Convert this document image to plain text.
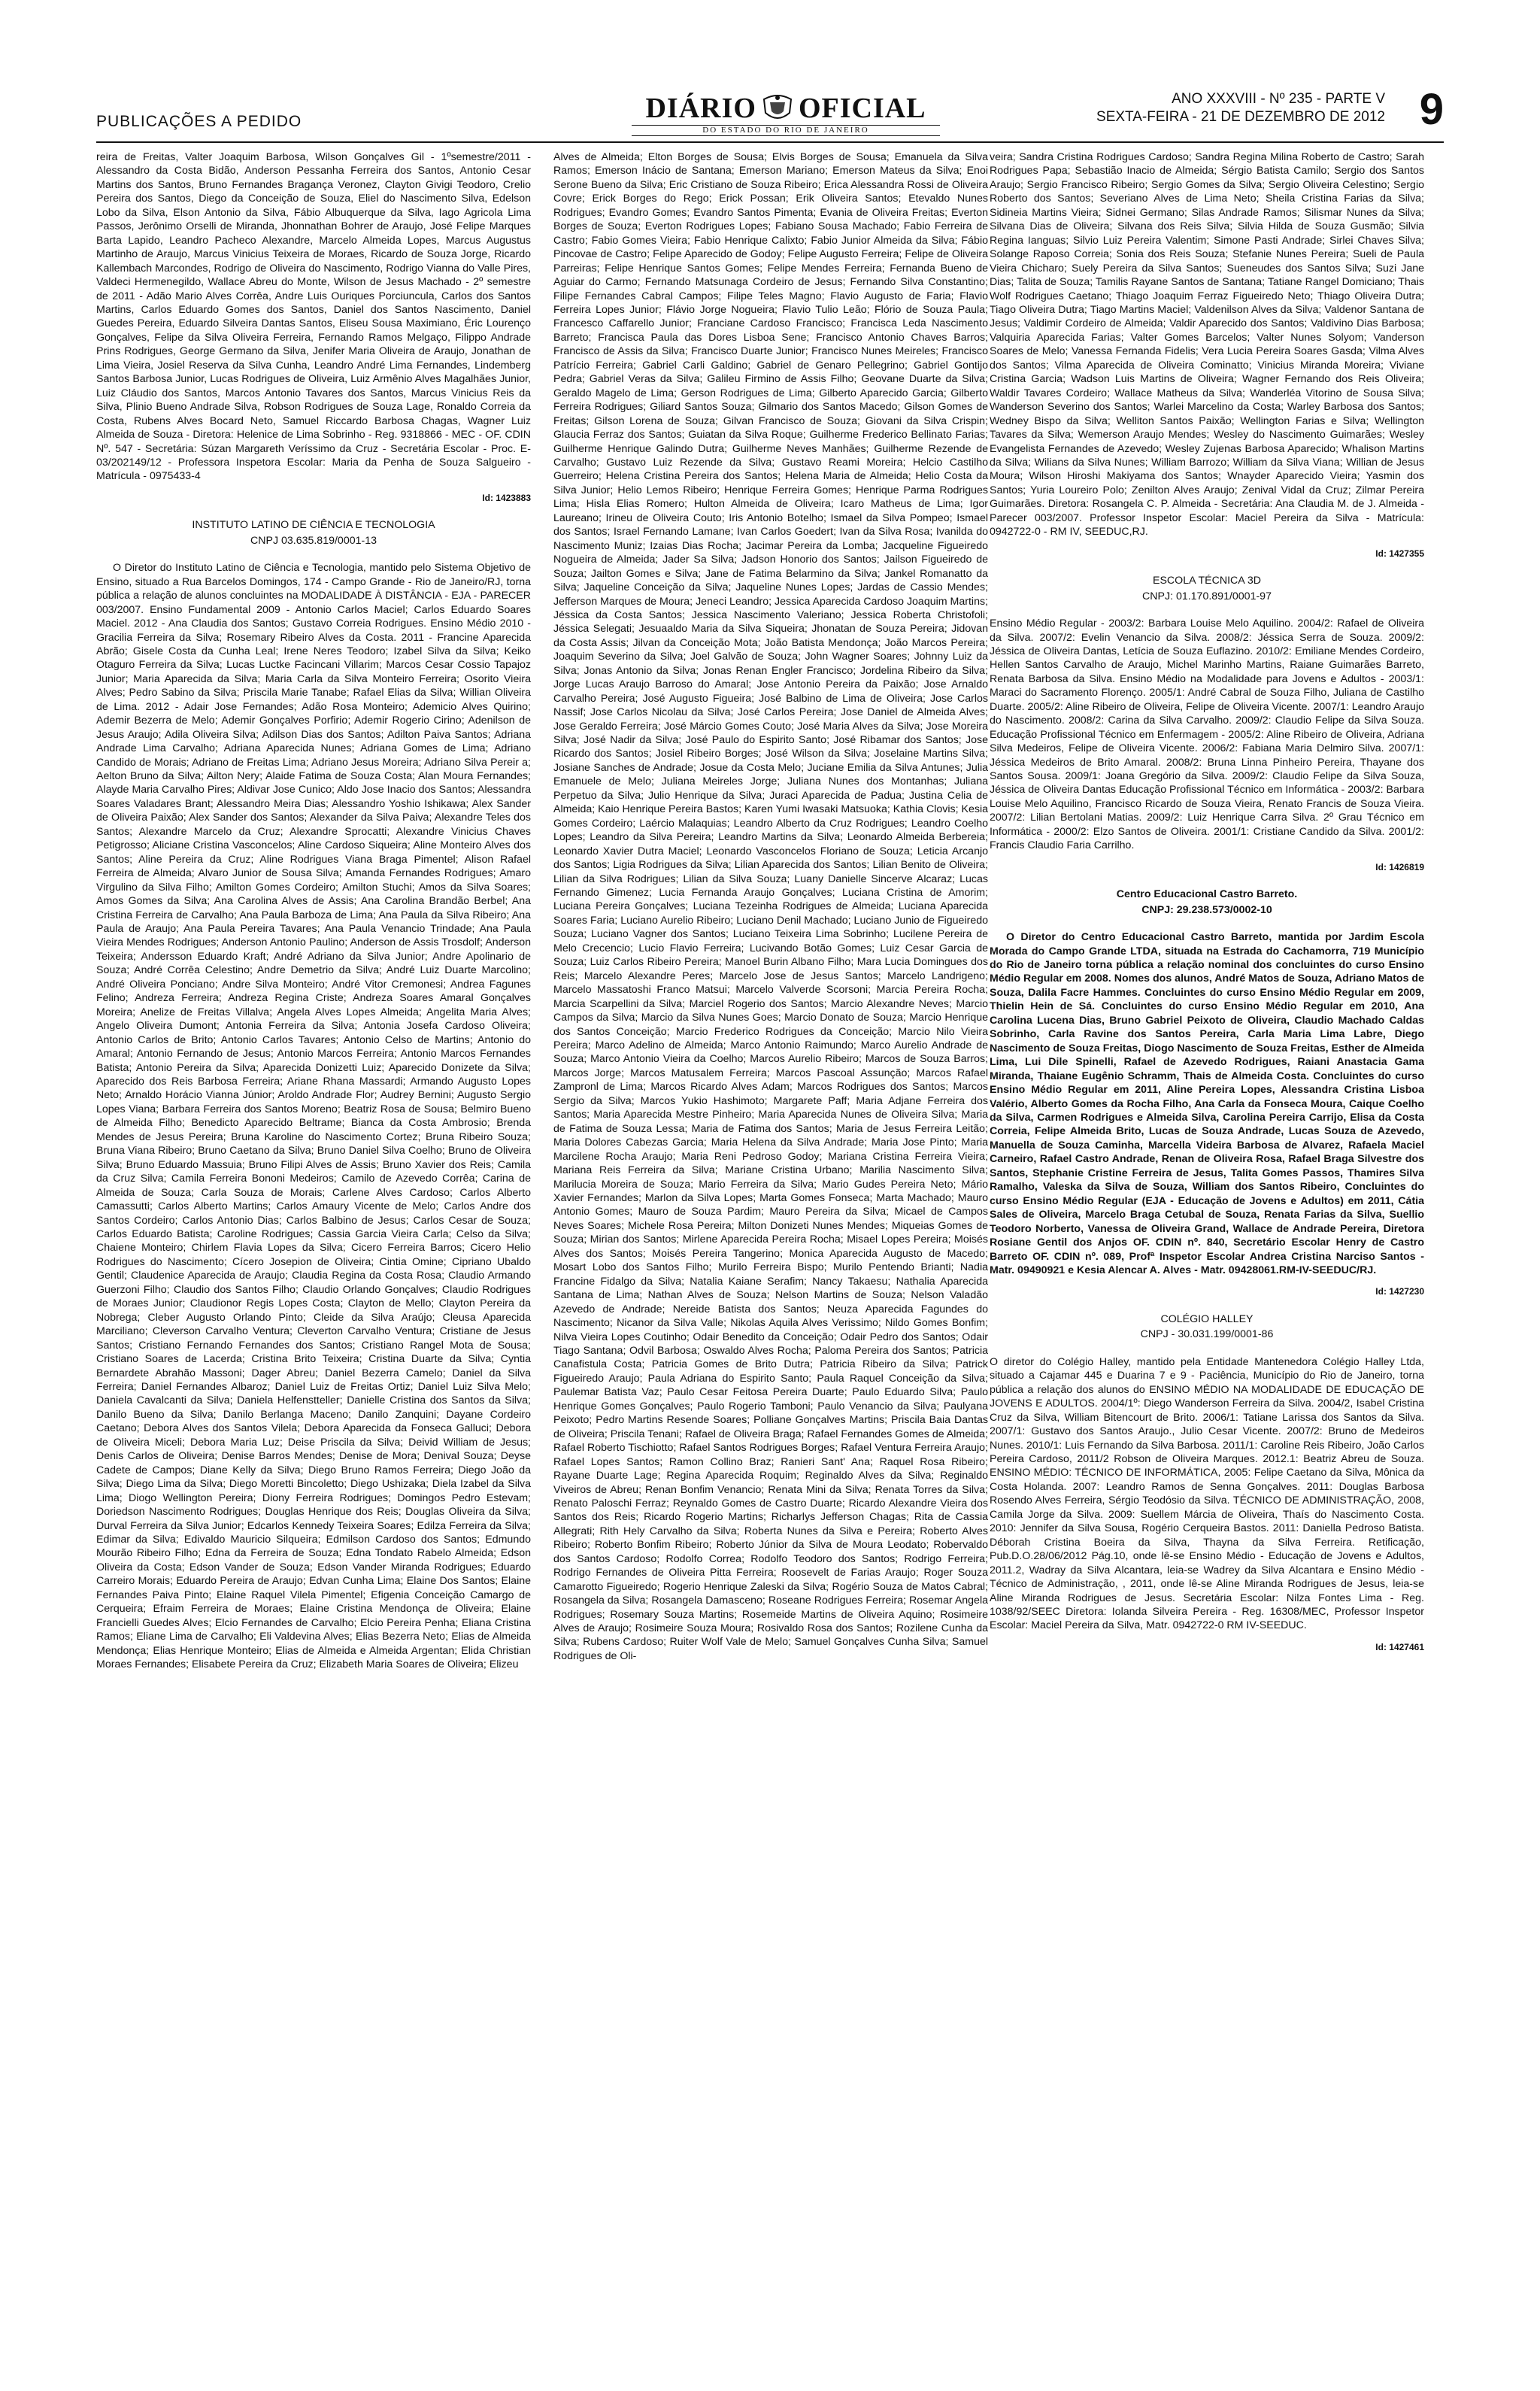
PUBLICAÇÕES A PEDIDO	DIÁRIO OFICIAL
DO ESTADO DO RIO DE JANEIRO
ANO XXXVIII - Nº 235 - PARTE V
SEXTA-FEIRA - 21 DE DEZEMBRO DE 2012 9

reira de Freitas, Valter Joaquim Barbosa, Wilson Gonçalves Gil - 1ºsemestre/2011 - Alessandro da Costa Bidão, Anderson Pessanha Ferreira dos Santos, Antonio Cesar Martins dos Santos, Bruno Fernandes Bragança Veronez, Clayton Givigi Teodoro, Crelio Pereira dos Santos, Diego da Conceição de Souza, Eliel do Nascimento Silva, Edelson Lobo da Silva, Elson Antonio da Silva, Fábio Albuquerque da Silva, Iago Agricola Lima Passos, Jerônimo Orselli de Miranda, Jhonnathan Bohrer de Araujo, José Felipe Marques Barta Lapido, Leandro Pacheco Alexandre, Marcelo Almeida Lopes, Marcus Augustus Martinho de Araujo, Marcus Vinicius Teixeira de Moraes, Ricardo de Souza Jorge, Ricardo Kallembach Marcondes, Rodrigo de Oliveira do Nascimento, Rodrigo Vianna do Valle Pires, Valdeci Hermenegildo, Wallace Abreu do Monte, Wilson de Jesus Machado - 2º semestre de 2011 - Adão Mario Alves Corrêa, Andre Luis Ouriques Porciuncula, Carlos dos Santos Martins, Carlos Eduardo Gomes dos Santos, Daniel dos Santos Nascimento, Daniel Guedes Pereira, Eduardo Silveira Dantas Santos, Eliseu Sousa Maximiano, Éric Lourenço Gonçalves, Felipe da Silva Oliveira Ferreira, Fernando Ramos Melgaço, Filippo Andrade Prins Rodrigues, George Germano da Silva, Jenifer Maria Oliveira de Araujo, Jonathan de Lima Vieira, Josiel Reserva da Silva Cunha, Leandro André Lima Fernandes, Lindemberg Santos Barbosa Junior, Lucas Rodrigues de Oliveira, Luiz Armênio Alves Magalhães Junior, Luiz Cláudio dos Santos, Marcos Antonio Tavares dos Santos, Marcus Vinicius Reis da Silva, Plinio Bueno Andrade Silva, Robson Rodrigues de Souza Lage, Ronaldo Correia da Costa, Rubens Alves Bocard Neto, Samuel Riccardo Barbosa Chagas, Wagner Luiz Almeida de Souza - Diretora: Helenice de Lima Sobrinho - Reg. 9318866 - MEC - OF. CDIN Nº. 547 - Secretária: Súzan Margareth Veríssimo da Cruz - Secretária Escolar - Proc. E-03/202149/12 - Professora Inspetora Escolar: Maria da Penha de Souza Salgueiro - Matrícula - 0975433-4

Id: 1423883
INSTITUTO LATINO DE CIÊNCIA E TECNOLOGIA
CNPJ 03.635.819/0001-13

O Diretor do Instituto Latino de Ciência e Tecnologia, mantido pelo Sistema Objetivo de Ensino, situado a Rua Barcelos Domingos, 174 - Campo Grande - Rio de Janeiro/RJ, torna pública a relação de alunos concluintes na MODALIDADE À DISTÂNCIA - EJA - PARECER 003/2007. Ensino Fundamental 2009 - Antonio Carlos Maciel; Carlos Eduardo Soares Maciel. 2012 - Ana Claudia dos Santos; Gustavo Correia Rodrigues. Ensino Médio 2010 - Gracilia Ferreira da Silva; Rosemary Ribeiro Alves da Costa. 2011 - Francine Aparecida Abrão; Gisele Costa da Cunha Leal; Irene Neres Teodoro; Izabel Silva da Silva; Keiko Otaguro Ferreira da Silva; Lucas Luctke Facincani Villarim; Marcos Cesar Cossio Tapajoz Junior; Maria Aparecida da Silva; Maria Carla da Silva Monteiro Ferreira; Osorito Vieira Alves; Pedro Sabino da Silva; Priscila Marie Tanabe; Rafael Elias da Silva; Willian Oliveira de Lima. 2012 - Adair Jose Fernandes; Adão Rosa Monteiro; Ademicio Alves Quirino; Ademir Bezerra de Melo; Ademir Gonçalves Porfirio; Ademir Rogerio Cirino; Adenilson de Jesus Araujo; Adila Oliveira Silva; Adilson Dias dos Santos; Adilton Paiva Santos; Adriana Andrade Lima Carvalho; Adriana Aparecida Nunes; Adriana Gomes de Lima; Adriano Candido de Morais; Adriano de Freitas Lima; Adriano Jesus Moreira; Adriano Silva Pereir a; Aelton Bruno da Silva; Ailton Nery; Alaide Fatima de Souza Costa; Alan Moura Fernandes; Alayde Maria Carvalho Pires; Aldivar Jose Cunico; Aldo Jose Inacio dos Santos; Alessandra Soares Valadares Brant; Alessandro Meira Dias; Alessandro Yoshio Ishikawa; Alex Sander de Oliveira Paixão; Alex Sander dos Santos; Alexander da Silva Paiva; Alexandre Teles dos Santos; Alexandre Marcelo da Cruz; Alexandre Sprocatti; Alexandre Vinicius Chaves Petigrosso; Aliciane Cristina Vasconcelos; Aline Cardoso Siqueira; Aline Monteiro Alves dos Santos; Aline Pereira da Cruz; Aline Rodrigues Viana Braga Pimentel; Alison Rafael Ferreira de Almeida; Alvaro Junior de Sousa Silva; Amanda Fernandes Rodrigues; Amaro Virgulino da Silva Filho; Amilton Gomes Cordeiro; Amilton Stuchi; Amos da Silva Soares; Amos Gomes da Silva; Ana Carolina Alves de Assis; Ana Carolina Brandão Berbel; Ana Cristina Ferreira de Carvalho; Ana Paula Barboza de Lima; Ana Paula da Silva Ribeiro; Ana Paula de Araujo; Ana Paula Pereira Tavares; Ana Paula Venancio Trindade; Ana Paula Vieira Mendes Rodrigues; Anderson Antonio Paulino; Anderson de Assis Trosdolf; Anderson Teixeira; Andersson Eduardo Kraft; André Adriano da Silva Junior; Andre Apolinario de Souza; André Corrêa Celestino; Andre Demetrio da Silva; André Luiz Duarte Marcolino; André Oliveira Ponciano; Andre Silva Monteiro; André Vitor Cremonesi; Andrea Fagunes Felino; Andreza Ferreira; Andreza Regina Criste; Andreza Soares Amaral Gonçalves Moreira; Anelize de Freitas Villalva; Angela Alves Lopes Almeida; Angelita Maria Alves; Angelo Oliveira Dumont; Antonia Ferreira da Silva; Antonia Josefa Cardoso Oliveira; Antonio Carlos de Brito; Antonio Carlos Tavares; Antonio Celso de Martins; Antonio do Amaral; Antonio Fernando de Jesus; Antonio Marcos Ferreira; Antonio Marcos Fernandes Batista; Antonio Pereira da Silva; Aparecida Donizetti Luiz; Aparecido Donizete da Silva; Aparecido dos Reis Barbosa Ferreira; Ariane Rhana Massardi; Armando Augusto Lopes Neto; Arnaldo Horácio Vianna Júnior; Aroldo Andrade Flor; Audrey Bernini; Augusto Sergio Lopes Viana; Barbara Ferreira dos Santos Moreno; Beatriz Rosa de Sousa; Belmiro Bueno de Almeida Filho; Benedicto Aparecido Beltrame; Bianca da Costa Ambrosio; Brenda Mendes de Jesus Pereira; Bruna Karoline do Nascimento Cortez; Bruna Ribeiro Souza; Bruna Viana Ribeiro; Bruno Caetano da Silva; Bruno Daniel Silva Coelho; Bruno de Oliveira Silva; Bruno Eduardo Massuia; Bruno Filipi Alves de Assis; Bruno Xavier dos Reis; Camila da Cruz Silva; Camila Ferreira Bononi Medeiros; Camilo de Azevedo Corrêa; Carina de Almeida de Souza; Carla Souza de Morais; Carlene Alves Cardoso; Carlos Alberto Camassutti; Carlos Alberto Martins; Carlos Amaury Vicente de Melo; Carlos Andre dos Santos Cordeiro; Carlos Antonio Dias; Carlos Balbino de Jesus; Carlos Cesar de Souza; Carlos Eduardo Batista; Caroline Rodrigues; Cassia Garcia Vieira Carla; Celso da Silva; Chaiene Monteiro; Chirlem Flavia Lopes da Silva; Cicero Ferreira Barros; Cicero Helio Rodrigues do Nascimento; Cícero Josepion de Oliveira; Cintia Omine; Cipriano Ubaldo Gentil; Claudenice Aparecida de Araujo; Claudia Regina da Costa Rosa; Claudio Armando Guerzoni Filho; Claudio dos Santos Filho; Claudio Orlando Gonçalves; Claudio Rodrigues de Moraes Junior; Claudionor Regis Lopes Costa; Clayton de Mello; Clayton Pereira da Nobrega; Cleber Augusto Orlando Pinto; Cleide da Silva Araújo; Cleusa Aparecida Marciliano; Cleverson Carvalho Ventura; Cleverton Carvalho Ventura; Cristiane de Jesus Santos; Cristiano Fernando Fernandes dos Santos; Cristiano Rangel Mota de Sousa; Cristiano Soares de Lacerda; Cristina Brito Teixeira; Cristina Duarte da Silva; Cyntia Bernardete Abrahão Massoni; Dager Abreu; Daniel Bezerra Camelo; Daniel da Silva Ferreira; Daniel Fernandes Albaroz; Daniel Luiz de Freitas Ortiz; Daniel Luiz Silva Melo; Daniela Cavalcanti da Silva; Daniela Helfenstteller; Danielle Cristina dos Santos da Silva; Danilo Bueno da Silva; Danilo Berlanga Maceno; Danilo Zanquini; Dayane Cordeiro Caetano; Debora Alves dos Santos Vilela; Debora Aparecida da Fonseca Galluci; Debora de Oliveira Miceli; Debora Maria Luz; Deise Priscila da Silva; Deivid William de Jesus; Denis Carlos de Oliveira; Denise Barros Mendes; Denise de Mora; Denival Souza; Deyse Cadete de Campos; Diane Kelly da Silva; Diego Bruno Ramos Ferreira; Diego João da Silva; Diego Lima da Silva; Diego Moretti Bincoletto; Diego Ushizaka; Diela Izabel da Silva Lima; Diogo Wellington Pereira; Diony Ferreira Rodrigues; Domingos Pedro Estevam; Doriedson Nascimento Rodrigues; Douglas Henrique dos Reis; Douglas Oliveira da Silva; Durval Ferreira da Silva Junior; Edcarlos Kennedy Teixeira Soares; Edilza Ferreira da Silva; Edimar da Silva; Edivaldo Mauricio Silqueira; Edmilson Cardoso dos Santos; Edmundo Mourão Ribeiro Filho; Edna da Ferreira de Souza; Edna Tondato Rabelo Almeida; Edson Oliveira da Costa; Edson Vander de Souza; Edson Vander Miranda Rodrigues; Eduardo Carreiro Morais; Eduardo Pereira de Araujo; Edvan Cunha Lima; Elaine Dos Santos; Elaine Fernandes Paiva Pinto; Elaine Raquel Vilela Pimentel; Efigenia Conceição Camargo de Cerqueira; Efraim Ferreira de Moraes; Elaine Cristina Mendonça de Oliveira; Elaine Francielli Guedes Alves; Elcio Fernandes de Carvalho; Elcio Pereira Penha; Eliana Cristina Ramos; Eliane Lima de Carvalho; Eli Valdevina Alves; Elias Bezerra Neto; Elias de Almeida Mendonça; Elias Henrique Monteiro; Elias de Almeida e Almeida Argentan; Elida Christian Moraes Fernandes; Elisabete Pereira da Cruz; Elizabeth Maria Soares de Oliveira; Elizeu

Alves de Almeida; Elton Borges de Sousa; Elvis Borges de Sousa; Emanuela da Silva Ramos; Emerson Inácio de Santana; Emerson Mariano; Emerson Mateus da Silva; Enoi Serone Bueno da Silva; Eric Cristiano de Souza Ribeiro; Erica Alessandra Rossi de Oliveira Covre; Erick Borges do Rego; Erick Possan; Erik Oliveira Santos; Etevaldo Nunes Rodrigues; Evandro Gomes; Evandro Santos Pimenta; Evania de Oliveira Freitas; Everton Borges de Souza; Everton Rodrigues Lopes; Fabiano Sousa Machado; Fabio Ferreira de Castro; Fabio Gomes Vieira; Fabio Henrique Calixto; Fabio Junior Almeida da Silva; Fábio Pincovae de Castro; Felipe Aparecido de Godoy; Felipe Augusto Ferreira; Felipe de Oliveira Parreiras; Felipe Henrique Santos Gomes; Felipe Mendes Ferreira; Fernanda Bueno de Aguiar do Carmo; Fernando Matsunaga Cordeiro de Jesus; Fernando Silva Constantino; Filipe Fernandes Cabral Campos; Filipe Teles Magno; Flavio Augusto de Faria; Flavio Ferreira Lopes Junior; Flávio Jorge Nogueira; Flavio Tulio Leão; Flório de Souza Paula; Francesco Caffarello Junior; Franciane Cardoso Francisco; Francisca Leda Nascimento Barreto; Francisca Paula das Dores Lisboa Sene; Francisco Antonio Chaves Barros; Francisco de Assis da Silva; Francisco Duarte Junior; Francisco Nunes Meireles; Francisco Patrício Ferreira; Gabriel Carli Galdino; Gabriel de Genaro Pellegrino; Gabriel Gontijo Pedra; Gabriel Veras da Silva; Galileu Firmino de Assis Filho; Geovane Duarte da Silva; Geraldo Magelo de Lima; Gerson Rodrigues de Lima; Gilberto Aparecido Garcia; Gilberto Ferreira Rodrigues; Giliard Santos Souza; Gilmario dos Santos Macedo; Gilson Gomes de Freitas; Gilson Lorena de Souza; Gilvan Francisco de Souza; Giovani da Silva Crispin; Glaucia Ferraz dos Santos; Guiatan da Silva Roque; Guilherme Frederico Bellinato Farias; Guilherme Henrique Galindo Dutra; Guilherme Neves Manhães; Guilherme Rezende de Carvalho; Gustavo Luiz Rezende da Silva; Gustavo Reami Moreira; Helcio Castilho Guerreiro; Helena Cristina Pereira dos Santos; Helena Maria de Almeida; Helio Costa da Silva Junior; Helio Lemos Ribeiro; Henrique Ferreira Gomes; Henrique Parma Rodrigues Lima; Hisla Elias Romero; Hulton Almeida de Oliveira; Icaro Matheus de Lima; Igor Laureano; Irineu de Oliveira Couto; Iris Antonio Botelho; Ismael da Silva Pompeo; Ismael dos Santos; Israel Fernando Lamane; Ivan Carlos Goedert; Ivan da Silva Rosa; Ivanilda do Nascimento Muniz; Izaias Dias Rocha; Jacimar Pereira da Lomba; Jacqueline Figueiredo Nogueira de Almeida; Jader Sa Silva; Jadson Honorio dos Santos; Jailson Figueiredo de Souza; Jailton Gomes e Silva; Jane de Fatima Belarmino da Silva; Jankel Romanatto da Silva; Jaqueline Conceição da Silva; Jaqueline Nunes Lopes; Jardas de Cassio Mendes; Jefferson Marques de Moura; Jeneci Leandro; Jessica Aparecida Cardoso Joaquim Martins; Jéssica da Costa Santos; Jessica Nascimento Valeriano; Jessica Roberta Christofoli; Jéssica Selegati; Jesuaaldo Maria da Silva Siqueira; Jhonatan de Souza Pereira; Jidovan da Costa Assis; Jilvan da Conceição Mota; João Batista Mendonça; João Marcos Pereira; Joaquim Severino da Silva; Joel Galvão de Souza; John Wagner Soares; Johnny Luiz da Silva; Jonas Antonio da Silva; Jonas Renan Engler Francisco; Jordelina Ribeiro da Silva; Jorge Lucas Araujo Barroso do Amaral; Jose Antonio Pereira da Paixão; Jose Arnaldo Carvalho Pereira; José Augusto Figueira; José Balbino de Lima de Oliveira; Jose Carlos Nassif; Jose Carlos Nicolau da Silva; José Carlos Pereira; Jose Daniel de Almeida Alves; Jose Geraldo Ferreira; José Márcio Gomes Couto; José Maria Alves da Silva; Jose Moreira Silva; José Nadir da Silva; José Paulo do Espirito Santo; José Ribamar dos Santos; Jose Ricardo dos Santos; Josiel Ribeiro Borges; José Wilson da Silva; Joselaine Martins Silva; Josiane Sanches de Andrade; Josue da Costa Melo; Juciane Emilia da Silva Antunes; Julia Emanuele de Melo; Juliana Meireles Jorge; Juliana Nunes dos Montanhas; Juliana Perpetuo da Silva; Julio Henrique da Silva; Juraci Aparecida de Padua; Justina Celia de Almeida; Kaio Henrique Pereira Bastos; Karen Yumi Iwasaki Matsuoka; Kathia Clovis; Kesia Gomes Cordeiro; Laércio Malaquias; Leandro Alberto da Cruz Rodrigues; Leandro Coelho Lopes; Leandro da Silva Pereira; Leandro Martins da Silva; Leonardo Almeida Berbereia; Leonardo Xavier Dutra Maciel; Leonardo Vasconcelos Floriano de Souza; Leticia Arcanjo dos Santos; Ligia Rodrigues da Silva; Lilian Aparecida dos Santos; Lilian Benito de Oliveira; Lilian da Silva Rodrigues; Lilian da Silva Souza; Luany Danielle Sincerve Alcaraz; Lucas Fernando Gimenez; Lucia Fernanda Araujo Gonçalves; Luciana Cristina de Amorim; Luciana Pereira Gonçalves; Luciana Tezeinha Rodrigues de Almeida; Luciana Aparecida Soares Faria; Luciano Aurelio Ribeiro; Luciano Denil Machado; Luciano Junio de Figueiredo Souza; Luciano Vagner dos Santos; Luciano Teixeira Lima Sobrinho; Lucilene Pereira de Melo Crecencio; Lucio Flavio Ferreira; Lucivando Botão Gomes; Luiz Cesar Garcia de Souza; Luiz Carlos Ribeiro Pereira; Manoel Burin Albano Filho; Mara Lucia Domingues dos Reis; Marcelo Alexandre Peres; Marcelo Jose de Jesus Santos; Marcelo Landrigeno; Marcelo Massatoshi Franco Matsui; Marcelo Valverde Scorsoni; Marcia Pereira Rocha; Marcia Scarpellini da Silva; Marciel Rogerio dos Santos; Marcio Alexandre Neves; Marcio Campos da Silva; Marcio da Silva Nunes Goes; Marcio Donato de Souza; Marcio Henrique dos Santos Conceição; Marcio Frederico Rodrigues da Conceição; Marcio Nilo Vieira Pereira; Marco Adelino de Almeida; Marco Antonio Raimundo; Marco Aurelio Andrade de Souza; Marco Antonio Vieira da Coelho; Marcos Aurelio Ribeiro; Marcos de Souza Barros; Marcos Jorge; Marcos Matusalem Ferreira; Marcos Pascoal Assunção; Marcos Rafael Zampronl de Lima; Marcos Ricardo Alves Adam; Marcos Rodrigues dos Santos; Marcos Sergio da Silva; Marcos Yukio Hashimoto; Margarete Paff; Maria Adjane Ferreira dos Santos; Maria Aparecida Mestre Pinheiro; Maria Aparecida Nunes de Oliveira Silva; Maria de Fatima de Souza Lessa; Maria de Fatima dos Santos; Maria de Jesus Ferreira Leitão; Maria Dolores Cabezas Garcia; Maria Helena da Silva Andrade; Maria Jose Pinto; Maria Marcilene Rocha Araujo; Maria Reni Pedroso Godoy; Mariana Cristina Ferreira Vieira; Mariana Reis Ferreira da Silva; Mariane Cristina Urbano; Marilia Nascimento Silva; Marilucia Moreira de Souza; Mario Ferreira da Silva; Mario Gudes Pereira Neto; Mário Xavier Fernandes; Marlon da Silva Lopes; Marta Gomes Fonseca; Marta Machado; Mauro Antonio Gomes; Mauro de Souza Pardim; Mauro Pereira da Silva; Micael de Campos Neves Soares; Michele Rosa Pereira; Milton Donizeti Nunes Mendes; Miqueias Gomes de Souza; Mirian dos Santos; Mirlene Aparecida Pereira Rocha; Misael Lopes Pereira; Moisés Alves dos Santos; Moisés Pereira Tangerino; Monica Aparecida Augusto de Macedo; Mosart Lobo dos Santos Filho; Murilo Ferreira Bispo; Murilo Pentendo Brianti; Nadia Francine Fidalgo da Silva; Natalia Kaiane Serafim; Nancy Takaesu; Nathalia Aparecida Santana de Lima; Nathan Alves de Souza; Nelson Martins de Souza; Nelson Valadão Azevedo de Andrade; Nereide Batista dos Santos; Neuza Aparecida Fagundes do Nascimento; Nicanor da Silva Valle; Nikolas Aquila Alves Verissimo; Nildo Gomes Bonfim; Nilva Vieira Lopes Coutinho; Odair Benedito da Conceição; Odair Pedro dos Santos; Odair Tiago Santana; Odvil Barbosa; Oswaldo Alves Rocha; Paloma Pereira dos Santos; Patricia Canafistula Costa; Patricia Gomes de Brito Dutra; Patricia Ribeiro da Silva; Patrick Figueiredo Araujo; Paula Adriana do Espirito Santo; Paula Raquel Conceição da Silva; Paulemar Batista Vaz; Paulo Cesar Feitosa Pereira Duarte; Paulo Eduardo Silva; Paulo Henrique Gomes Gonçalves; Paulo Rogerio Tamboni; Paulo Venancio da Silva; Paulyana Peixoto; Pedro Martins Resende Soares; Polliane Gonçalves Martins; Priscila Baia Dantas de Oliveira; Priscila Tenani; Rafael de Oliveira Braga; Rafael Fernandes Gomes de Almeida; Rafael Roberto Tischiotto; Rafael Santos Rodrigues Borges; Rafael Ventura Ferreira Araujo; Rafael Lopes Santos; Ramon Collino Braz; Ranieri Sant' Ana; Raquel Rosa Ribeiro; Rayane Duarte Lage; Regina Aparecida Roquim; Reginaldo Alves da Silva; Reginaldo Viveiros de Abreu; Renan Bonfim Venancio; Renata Mini da Silva; Renata Torres da Silva; Renato Paloschi Ferraz; Reynaldo Gomes de Castro Duarte; Ricardo Alexandre Vieira dos Santos dos Reis; Ricardo Rogerio Martins; Richarlys Jefferson Chagas; Rita de Cassia Allegrati; Rith Hely Carvalho da Silva; Roberta Nunes da Silva e Pereira; Roberto Alves Ribeiro; Roberto Bonfim Ribeiro; Roberto Júnior da Silva de Moura Leodato; Robervaldo dos Santos Cardoso; Rodolfo Correa; Rodolfo Teodoro dos Santos; Rodrigo Ferreira; Rodrigo Fernandes de Oliveira Pitta Ferreira; Roosevelt de Farias Araujo; Roger Souza Camarotto Figueiredo; Rogerio Henrique Zaleski da Silva; Rogério Souza de Matos Cabral; Rosangela da Silva; Rosangela Damasceno; Roseane Rodrigues Ferreira; Rosemar Angela Rodrigues; Rosemary Souza Martins; Rosemeide Martins de Oliveira Aquino; Rosimeire Alves de Araujo; Rosimeire Souza Moura; Rosivaldo Rosa dos Santos; Rozilene Cunha da Silva; Rubens Cardoso; Ruiter Wolf Vale de Melo; Samuel Gonçalves Cunha Silva; Samuel Rodrigues de Oli-

veira; Sandra Cristina Rodrigues Cardoso; Sandra Regina Milina Roberto de Castro; Sarah Rodrigues Papa; Sebastião Inacio de Almeida; Sérgio Batista Camilo; Sergio dos Santos Araujo; Sergio Francisco Ribeiro; Sergio Gomes da Silva; Sergio Oliveira Celestino; Sergio Roberto dos Santos; Severiano Alves de Lima Neto; Sheila Cristina Farias da Silva; Sidineia Martins Vieira; Sidnei Germano; Silas Andrade Ramos; Silismar Nunes da Silva; Silvana Dias de Oliveira; Silvana dos Reis Silva; Silvia Hilda de Souza Gusmão; Silvia Regina Ianguas; Silvio Luiz Pereira Valentim; Simone Pasti Andrade; Sirlei Chaves Silva; Solange Raposo Correia; Sonia dos Reis Souza; Stefanie Nunes Pereira; Sueli de Paula Vieira Chicharo; Suely Pereira da Silva Santos; Sueneudes dos Santos Silva; Suzi Jane Dias; Talita de Souza; Tamilis Rayane Santos de Santana; Tatiane Rangel Domiciano; Thais Wolf Rodrigues Caetano; Thiago Joaquim Ferraz Figueiredo Neto; Thiago Oliveira Dutra; Tiago Oliveira Dutra; Tiago Martins Maciel; Valdenilson Alves da Silva; Valdenor Santana de Jesus; Valdimir Cordeiro de Almeida; Valdir Aparecido dos Santos; Valdivino Dias Barbosa; Valquiria Aparecida Farias; Valter Gomes Barcelos; Valter Nunes Solyom; Vanderson Soares de Melo; Vanessa Fernanda Fidelis; Vera Lucia Pereira Soares Gasda; Vilma Alves dos Santos; Vilma Aparecida de Oliveira Cominatto; Vinicius Miranda Moreira; Viviane Cristina Garcia; Wadson Luis Martins de Oliveira; Wagner Fernando dos Reis Oliveira; Waldir Tavares Cordeiro; Wallace Matheus da Silva; Wanderléa Vitorino de Sousa Silva; Wanderson Severino dos Santos; Warlei Marcelino da Costa; Warley Barbosa dos Santos; Wedney Bispo da Silva; Welliton Santos Paixão; Wellington Farias e Silva; Wellington Tavares da Silva; Wemerson Araujo Mendes; Wesley do Nascimento Guimarães; Wesley Evangelista Fernandes de Azevedo; Wesley Zujenas Barbosa Aparecido; Whalison Martins da Silva; Wilians da Silva Nunes; William Barrozo; William da Silva Viana; Willian de Jesus Moura; Wilson Hiroshi Makiyama dos Santos; Wnayder Aparecido Vieira; Yasmin dos Santos; Yuria Loureiro Polo; Zenilton Alves Araujo; Zenival Vidal da Cruz; Zilmar Pereira Guimarães. Diretora: Rosangela C. P. Almeida - Secretária: Ana Claudia M. de J. Almeida - Parecer 003/2007. Professor Inspetor Escolar: Maciel Pereira da Silva - Matrícula: 0942722-0 - RM IV, SEEDUC,RJ.

Id: 1427355
ESCOLA TÉCNICA 3D
CNPJ: 01.170.891/0001-97

Ensino Médio Regular - 2003/2: Barbara Louise Melo Aquilino. 2004/2: Rafael de Oliveira da Silva. 2007/2: Evelin Venancio da Silva. 2008/2: Jéssica Serra de Souza. 2009/2: Jéssica de Oliveira Dantas, Letícia de Souza Euflazino. 2010/2: Emiliane Mendes Cordeiro, Hellen Santos Carvalho de Araujo, Michel Marinho Martins, Raiane Guimarães Barreto, Renata Barbosa da Silva. Ensino Médio na Modalidade para Jovens e Adultos - 2003/1: Maraci do Sacramento Florenço. 2005/1: André Cabral de Souza Filho, Juliana de Castilho Duarte. 2005/2: Aline Ribeiro de Oliveira, Felipe de Oliveira Vicente. 2007/1: Leandro Araujo do Nascimento. 2008/2: Carina da Silva Carvalho. 2009/2: Claudio Felipe da Silva Souza. Educação Profissional Técnico em Enfermagem - 2005/2: Aline Ribeiro de Oliveira, Adriana Silva Medeiros, Felipe de Oliveira Vicente. 2006/2: Fabiana Maria Delmiro Silva. 2007/1: Jéssica Medeiros de Brito Amaral. 2008/2: Bruna Linna Pinheiro Pereira, Thayane dos Santos Sousa. 2009/1: Joana Gregório da Silva. 2009/2: Claudio Felipe da Silva Souza, Jéssica de Oliveira Dantas Educação Profissional Técnico em Informática - 2003/2: Barbara Louise Melo Aquilino, Francisco Ricardo de Souza Vieira, Renato Francis de Souza Vieira. 2007/2: Lilian Bertolani Matias. 2009/2: Luiz Henrique Carra Silva. 2º Grau Técnico em Informática - 2000/2: Elzo Santos de Oliveira. 2001/1: Cristiane Candido da Silva. 2001/2: Francis Claudio Faria Carrilho.

Id: 1426819
Centro Educacional Castro Barreto.
CNPJ: 29.238.573/0002-10

O Diretor do Centro Educacional Castro Barreto, mantida por Jardim Escola Morada do Campo Grande LTDA, situada na Estrada do Cachamorra, 719 Município do Rio de Janeiro torna pública a relação nominal dos concluintes do curso Ensino Médio Regular em 2008. Nomes dos alunos, André Matos de Souza, Adriano Matos de Souza, Dalila Facre Hammes. Concluintes do curso Ensino Médio Regular em 2009, Thielin Hein de Sá. Concluintes do curso Ensino Médio Regular em 2010, Ana Carolina Lucena Dias, Bruno Gabriel Peixoto de Oliveira, Claudio Machado Caldas Sobrinho, Carla Ravine dos Santos Pereira, Carla Maria Lima Labre, Diego Nascimento de Souza Freitas, Diogo Nascimento de Souza Freitas, Esther de Almeida Lima, Lui Dile Spinelli, Rafael de Azevedo Rodrigues, Raiani Anastacia Gama Miranda, Thaiane Eugênio Schramm, Thais de Almeida Costa. Concluintes do curso Ensino Médio Regular em 2011, Aline Pereira Lopes, Alessandra Cristina Lisboa Valério, Alberto Gomes da Rocha Filho, Ana Carla da Fonseca Moura, Caique Coelho da Silva, Carmen Rodrigues e Almeida Silva, Carolina Pereira Carrijo, Elisa da Costa Correia, Felipe Almeida Brito, Lucas de Souza Andrade, Lucas Souza de Azevedo, Manuella de Souza Caminha, Marcella Videira Barbosa de Alvarez, Rafaela Maciel Carneiro, Rafael Castro Andrade, Renan de Oliveira Rosa, Rafael Braga Silvestre dos Santos, Stephanie Cristine Ferreira de Jesus, Talita Gomes Passos, Thamires Silva Ramalho, Valeska da Silva de Souza, William dos Santos Ribeiro, Concluintes do curso Ensino Médio Regular (EJA - Educação de Jovens e Adultos) em 2011, Cátia Sales de Oliveira, Marcelo Braga Cetubal de Souza, Renata Farias da Silva, Suellio Teodoro Norberto, Vanessa de Oliveira Grand, Wallace de Andrade Pereira, Diretora Rosiane Gentil dos Anjos OF. CDIN nº. 840, Secretário Escolar Henry de Castro Barreto OF. CDIN nº. 089, Profª Inspetor Escolar Andrea Cristina Narciso Santos - Matr. 09490921 e Kesia Alencar A. Alves - Matr. 09428061.RM-IV-SEEDUC/RJ.

Id: 1427230
COLÉGIO HALLEY
CNPJ - 30.031.199/0001-86

O diretor do Colégio Halley, mantido pela Entidade Mantenedora Colégio Halley Ltda, situado a Cajamar 445 e Duarina 7 e 9 - Paciência, Município do Rio de Janeiro, torna pública a relação dos alunos do ENSINO MÉDIO NA MODALIDADE DE EDUCAÇÃO DE JOVENS E ADULTOS. 2004/1º: Diego Wanderson Ferreira da Silva. 2004/2, Isabel Cristina Cruz da Silva, William Bitencourt de Brito. 2006/1: Tatiane Larissa dos Santos da Silva. 2007/1: Gustavo dos Santos Araujo., Julio Cesar Vicente. 2007/2: Bruno de Medeiros Nunes. 2010/1: Luis Fernando da Silva Barbosa. 2011/1: Caroline Reis Ribeiro, João Carlos Pereira Cardoso, 2011/2 Robson de Oliveira Marques. 2012.1: Beatriz Abreu de Souza. ENSINO MÉDIO: TÉCNICO DE INFORMÁTICA, 2005: Felipe Caetano da Silva, Mônica da Costa Holanda. 2007: Leandro Ramos de Senna Gonçalves. 2011: Douglas Barbosa Rosendo Alves Ferreira, Sérgio Teodósio da Silva. TÉCNICO DE ADMINISTRAÇÃO, 2008, Camila Jorge da Silva. 2009: Suellem Márcia de Oliveira, Thaís do Nascimento Costa. 2010: Jennifer da Silva Sousa, Rogério Cerqueira Bastos. 2011: Daniella Pedroso Batista. Déborah Cristina Boeira da Silva, Thayna da Silva Ferreira. Retificação, Pub.D.O.28/06/2012 Pág.10, onde lê-se Ensino Médio - Educação de Jovens e Adultos, 2011.2, Wadray da Silva Alcantara, leia-se Wadrey da Silva Alcantara e Ensino Médio - Técnico de Administração, , 2011, onde lê-se Aline Miranda Rodrigues de Jesus, leia-se Aline Miranda Rodrigues de Jesus. Secretária Escolar: Nilza Fontes Lima - Reg. 1038/92/SEEC Diretora: Iolanda Silveira Pereira - Reg. 16308/MEC, Professor Inspetor Escolar: Maciel Pereira da Silva, Matr. 0942722-0 RM IV-SEEDUC.

Id: 1427461
